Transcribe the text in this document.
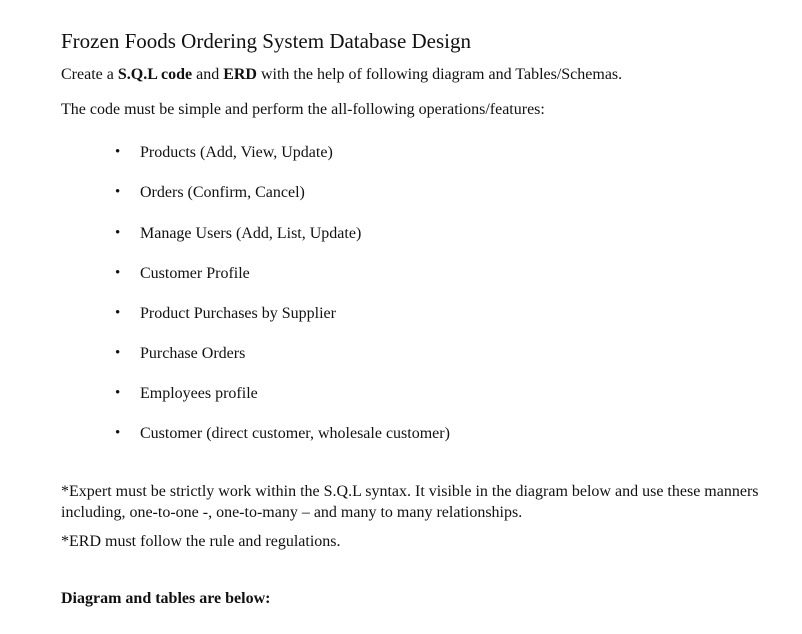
Frozen Foods Ordering System Database Design
Create a S.Q.L code and ERD with the help of following diagram and Tables/Schemas.
The code must be simple and perform the all-following operations/features:
• Products (Add, View, Update)
• Orders (Confirm, Cancel)
• Manage Users (Add, List, Update)
• Customer Profile
• Product Purchases by Supplier
• Purchase Orders
• Employees profile
• Customer (direct customer, wholesale customer)
*Expert must be strictly work within the S.Q.L syntax. It visible in the diagram below and use these manners including, one-to-one -, one-to-many – and many to many relationships.
*ERD must follow the rule and regulations.
Diagram and tables are below:
